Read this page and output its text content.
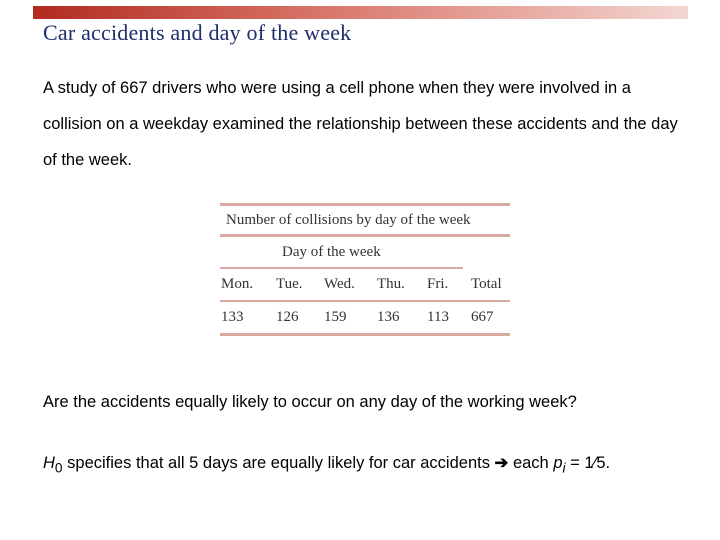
Car accidents and day of the week

A study of 667 drivers who were using a cell phone when they were involved in a collision on a weekday examined the relationship between these accidents and the day of the week.

Number of collisions by day of the week
Day of the week
Mon.	Tue.	Wed.	Thu.	Fri.	Total
133	126	159	136	113	667

Are the accidents equally likely to occur on any day of the working week?

$H_0$ specifies that all 5 days are equally likely for car accidents ➔ each $p_i$ = 1⁄5.
